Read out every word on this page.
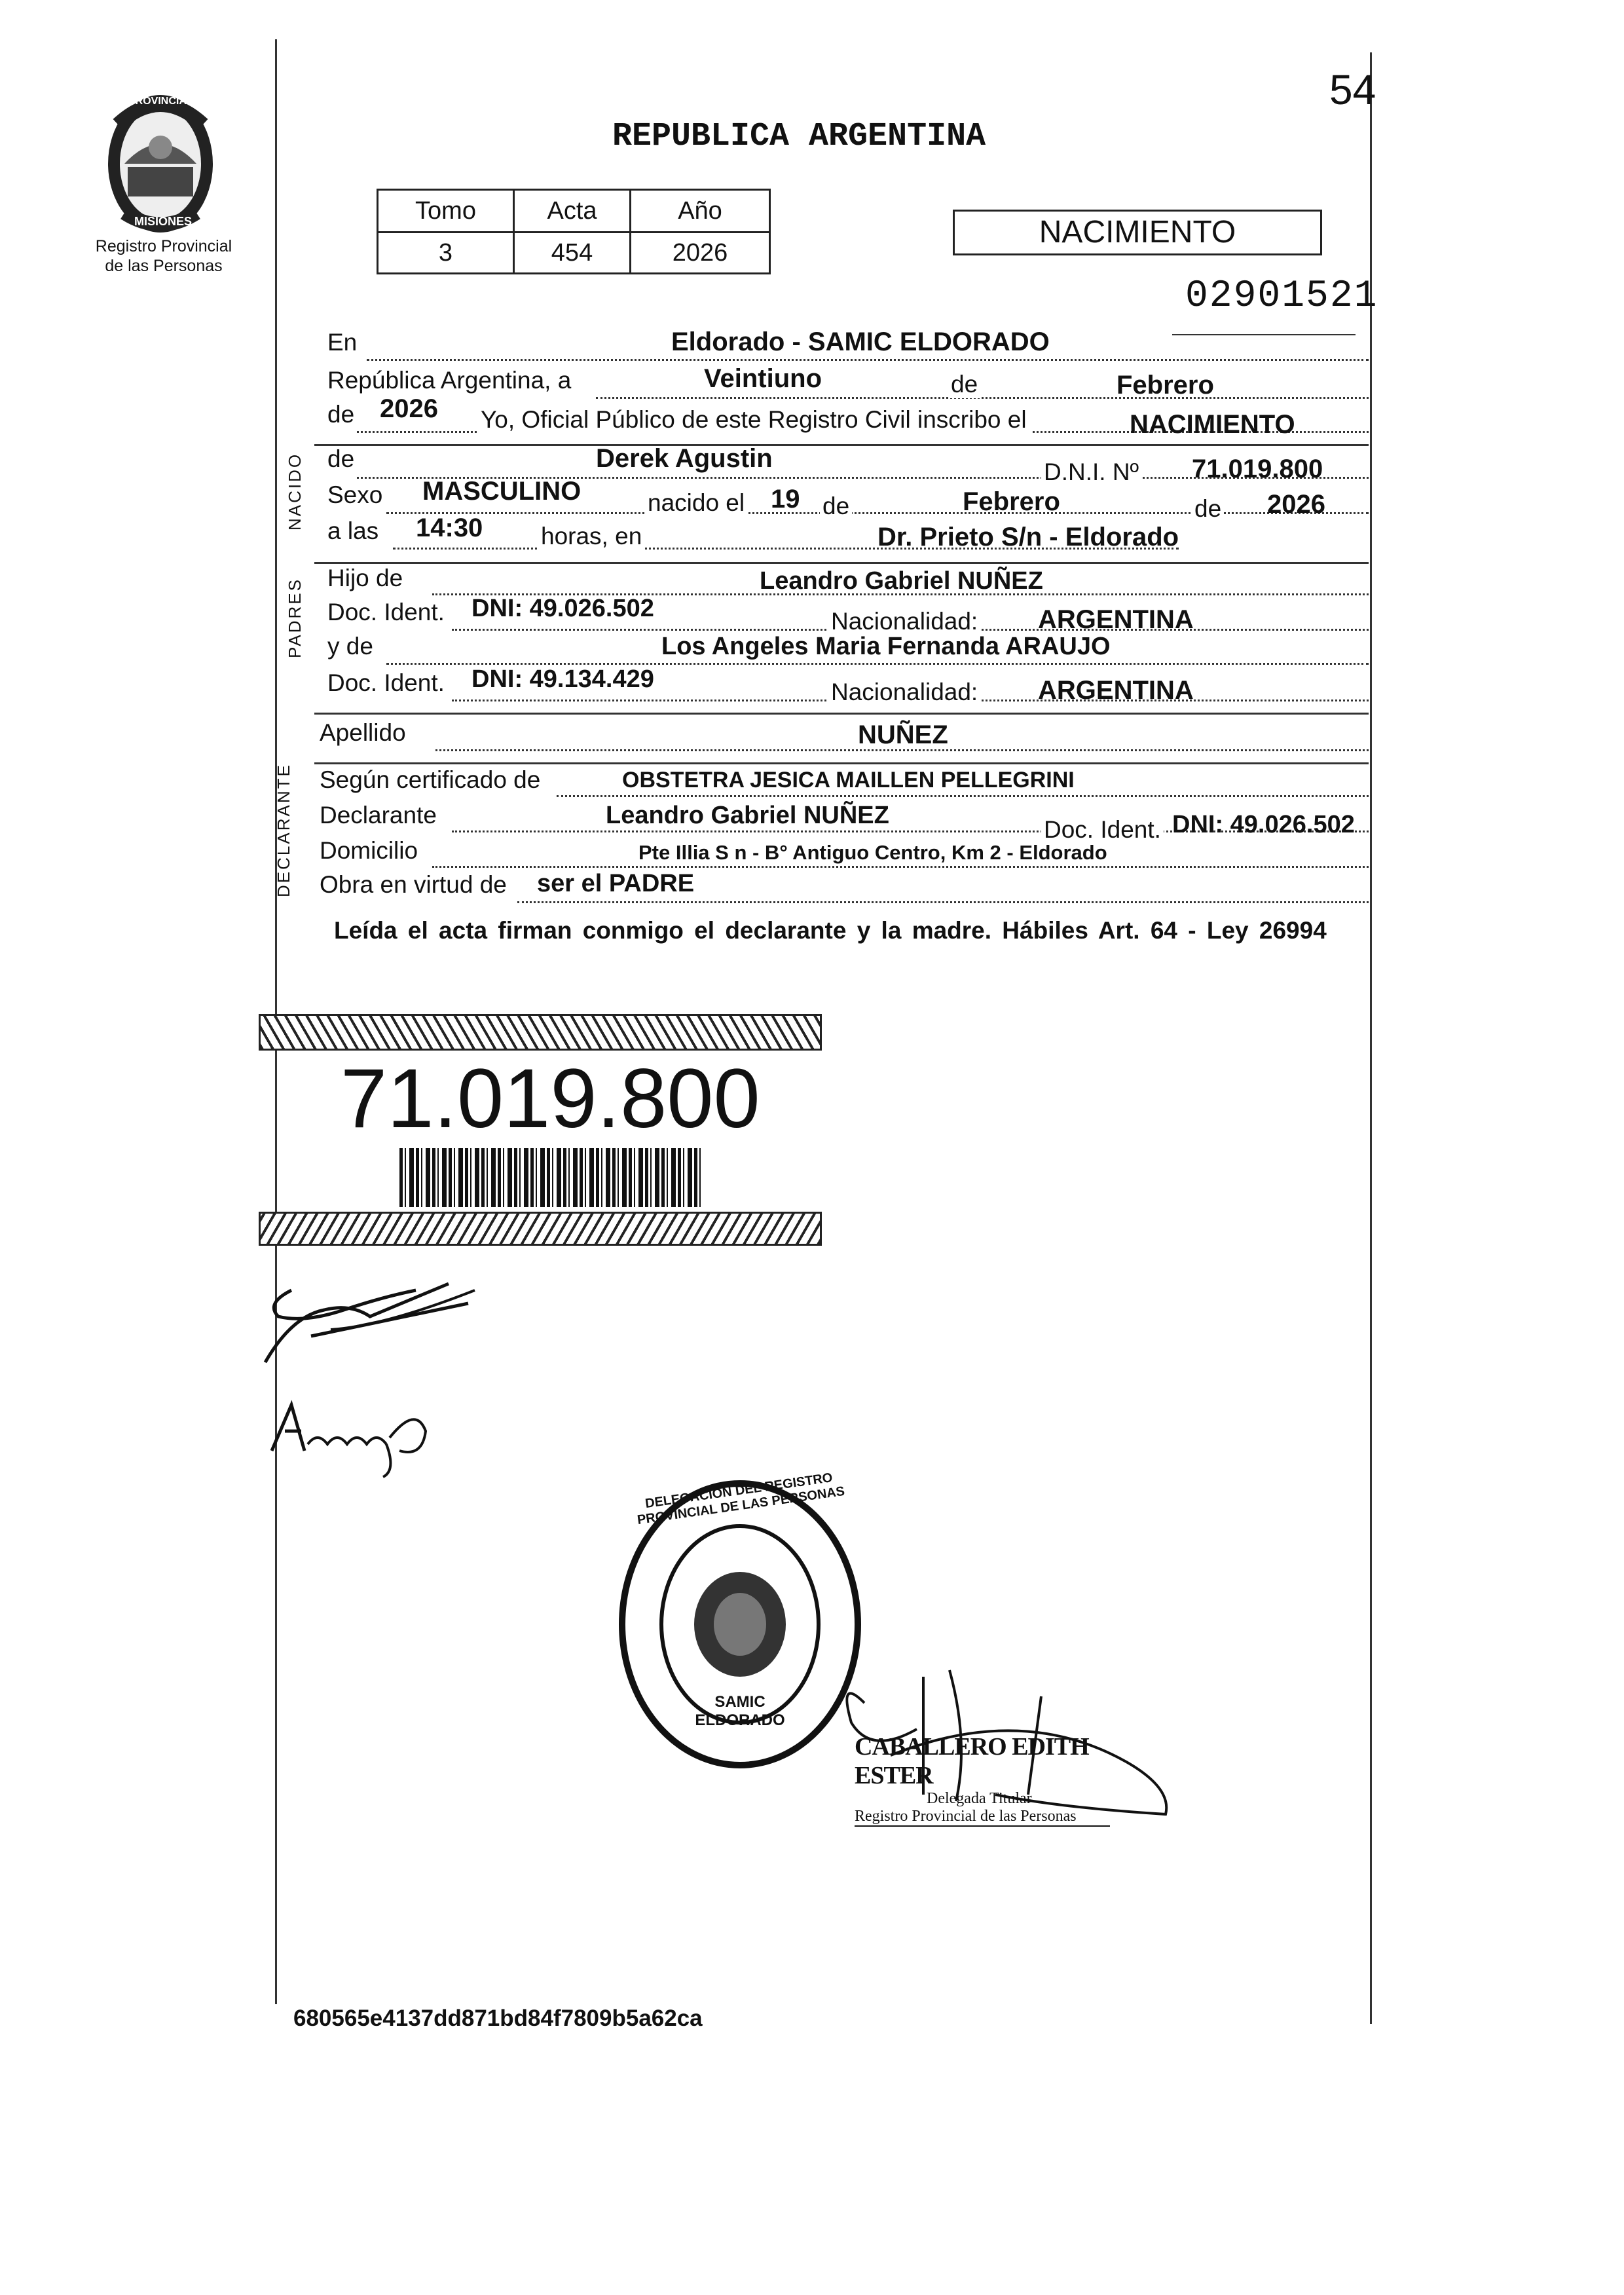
54
PROVINCIA DE
MISIONES
Registro Provincial
de las Personas
REPUBLICA ARGENTINA
Tomo	Acta	Año
3	454	2026
NACIMIENTO
02901521
En	Eldorado - SAMIC ELDORADO
República Argentina, a	Veintiuno	de	Febrero
de 2026 Yo, Oficial Público de este Registro Civil inscribo el	NACIMIENTO
NACIDO de	Derek Agustin	D.N.I. Nº 71.019.800
Sexo MASCULINO	nacido el 19 de	Febrero	de 2026
a las 14:30 horas, en	Dr. Prieto S/n - Eldorado
PADRES Hijo de	Leandro Gabriel NUÑEZ
Doc. Ident. DNI: 49.026.502	Nacionalidad: ARGENTINA
y de	Los Angeles Maria Fernanda ARAUJO
Doc. Ident. DNI: 49.134.429	Nacionalidad: ARGENTINA
Apellido	NUÑEZ
DECLARANTE Según certificado de	OBSTETRA JESICA MAILLEN PELLEGRINI
Declarante	Leandro Gabriel NUÑEZ
Doc. Ident. DNI: 49.026.502
Domicilio	Pte Illia S n - B° Antiguo Centro, Km 2 - Eldorado
Obra en virtud de ser el PADRE
Leída el acta firman conmigo el declarante y la madre. Hábiles Art. 64 - Ley 26994
71.019.800
DELEGACION DEL REGISTRO PROVINCIAL DE LAS PERSONAS
SAMIC ELDORADO
CABALLERO EDITH ESTER
Delegada Titular
Registro Provincial de las Personas
680565e4137dd871bd84f7809b5a62ca
